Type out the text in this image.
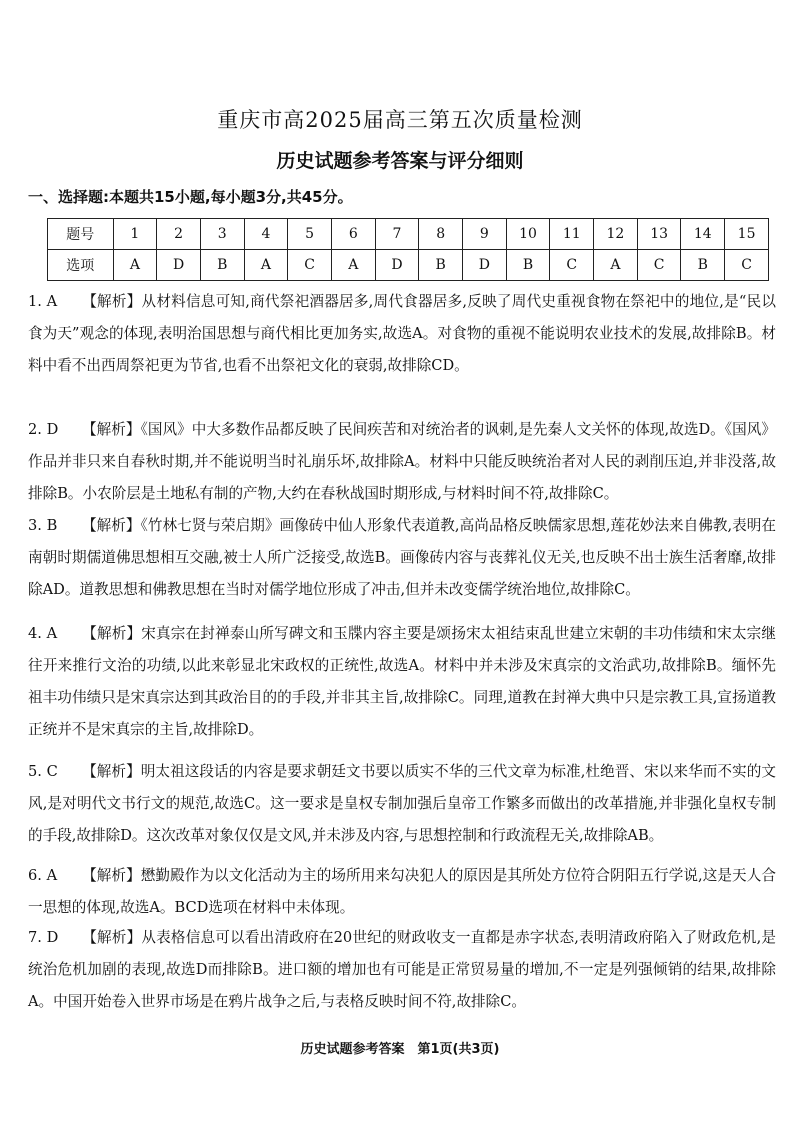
重庆市高2025届高三第五次质量检测
历史试题参考答案与评分细则
一、选择题:本题共15小题,每小题3分,共45分。
题号	1	2	3	4	5	6	7	8	9	10	11	12	13	14	15
选项	A	D	B	A	C	A	D	B	D	B	C	A	C	B	C
1. A 【解析】从材料信息可知,商代祭祀酒器居多,周代食器居多,反映了周代史重视食物在祭祀中的地位,是“民以食为天”观念的体现,表明治国思想与商代相比更加务实,故选A。对食物的重视不能说明农业技术的发展,故排除B。材料中看不出西周祭祀更为节省,也看不出祭祀文化的衰弱,故排除CD。
2. D 【解析】《国风》中大多数作品都反映了民间疾苦和对统治者的讽刺,是先秦人文关怀的体现,故选D。《国风》作品并非只来自春秋时期,并不能说明当时礼崩乐坏,故排除A。材料中只能反映统治者对人民的剥削压迫,并非没落,故排除B。小农阶层是土地私有制的产物,大约在春秋战国时期形成,与材料时间不符,故排除C。
3. B 【解析】《竹林七贤与荣启期》画像砖中仙人形象代表道教,高尚品格反映儒家思想,莲花妙法来自佛教,表明在南朝时期儒道佛思想相互交融,被士人所广泛接受,故选B。画像砖内容与丧葬礼仪无关,也反映不出士族生活奢靡,故排除AD。道教思想和佛教思想在当时对儒学地位形成了冲击,但并未改变儒学统治地位,故排除C。
4. A 【解析】宋真宗在封禅泰山所写碑文和玉牒内容主要是颂扬宋太祖结束乱世建立宋朝的丰功伟绩和宋太宗继往开来推行文治的功绩,以此来彰显北宋政权的正统性,故选A。材料中并未涉及宋真宗的文治武功,故排除B。缅怀先祖丰功伟绩只是宋真宗达到其政治目的的手段,并非其主旨,故排除C。同理,道教在封禅大典中只是宗教工具,宣扬道教正统并不是宋真宗的主旨,故排除D。
5. C 【解析】明太祖这段话的内容是要求朝廷文书要以质实不华的三代文章为标准,杜绝晋、宋以来华而不实的文风,是对明代文书行文的规范,故选C。这一要求是皇权专制加强后皇帝工作繁多而做出的改革措施,并非强化皇权专制的手段,故排除D。这次改革对象仅仅是文风,并未涉及内容,与思想控制和行政流程无关,故排除AB。
6. A 【解析】懋勤殿作为以文化活动为主的场所用来勾决犯人的原因是其所处方位符合阴阳五行学说,这是天人合一思想的体现,故选A。BCD选项在材料中未体现。
7. D 【解析】从表格信息可以看出清政府在20世纪的财政收支一直都是赤字状态,表明清政府陷入了财政危机,是统治危机加剧的表现,故选D而排除B。进口额的增加也有可能是正常贸易量的增加,不一定是列强倾销的结果,故排除A。中国开始卷入世界市场是在鸦片战争之后,与表格反映时间不符,故排除C。
历史试题参考答案　第1页(共3页)
